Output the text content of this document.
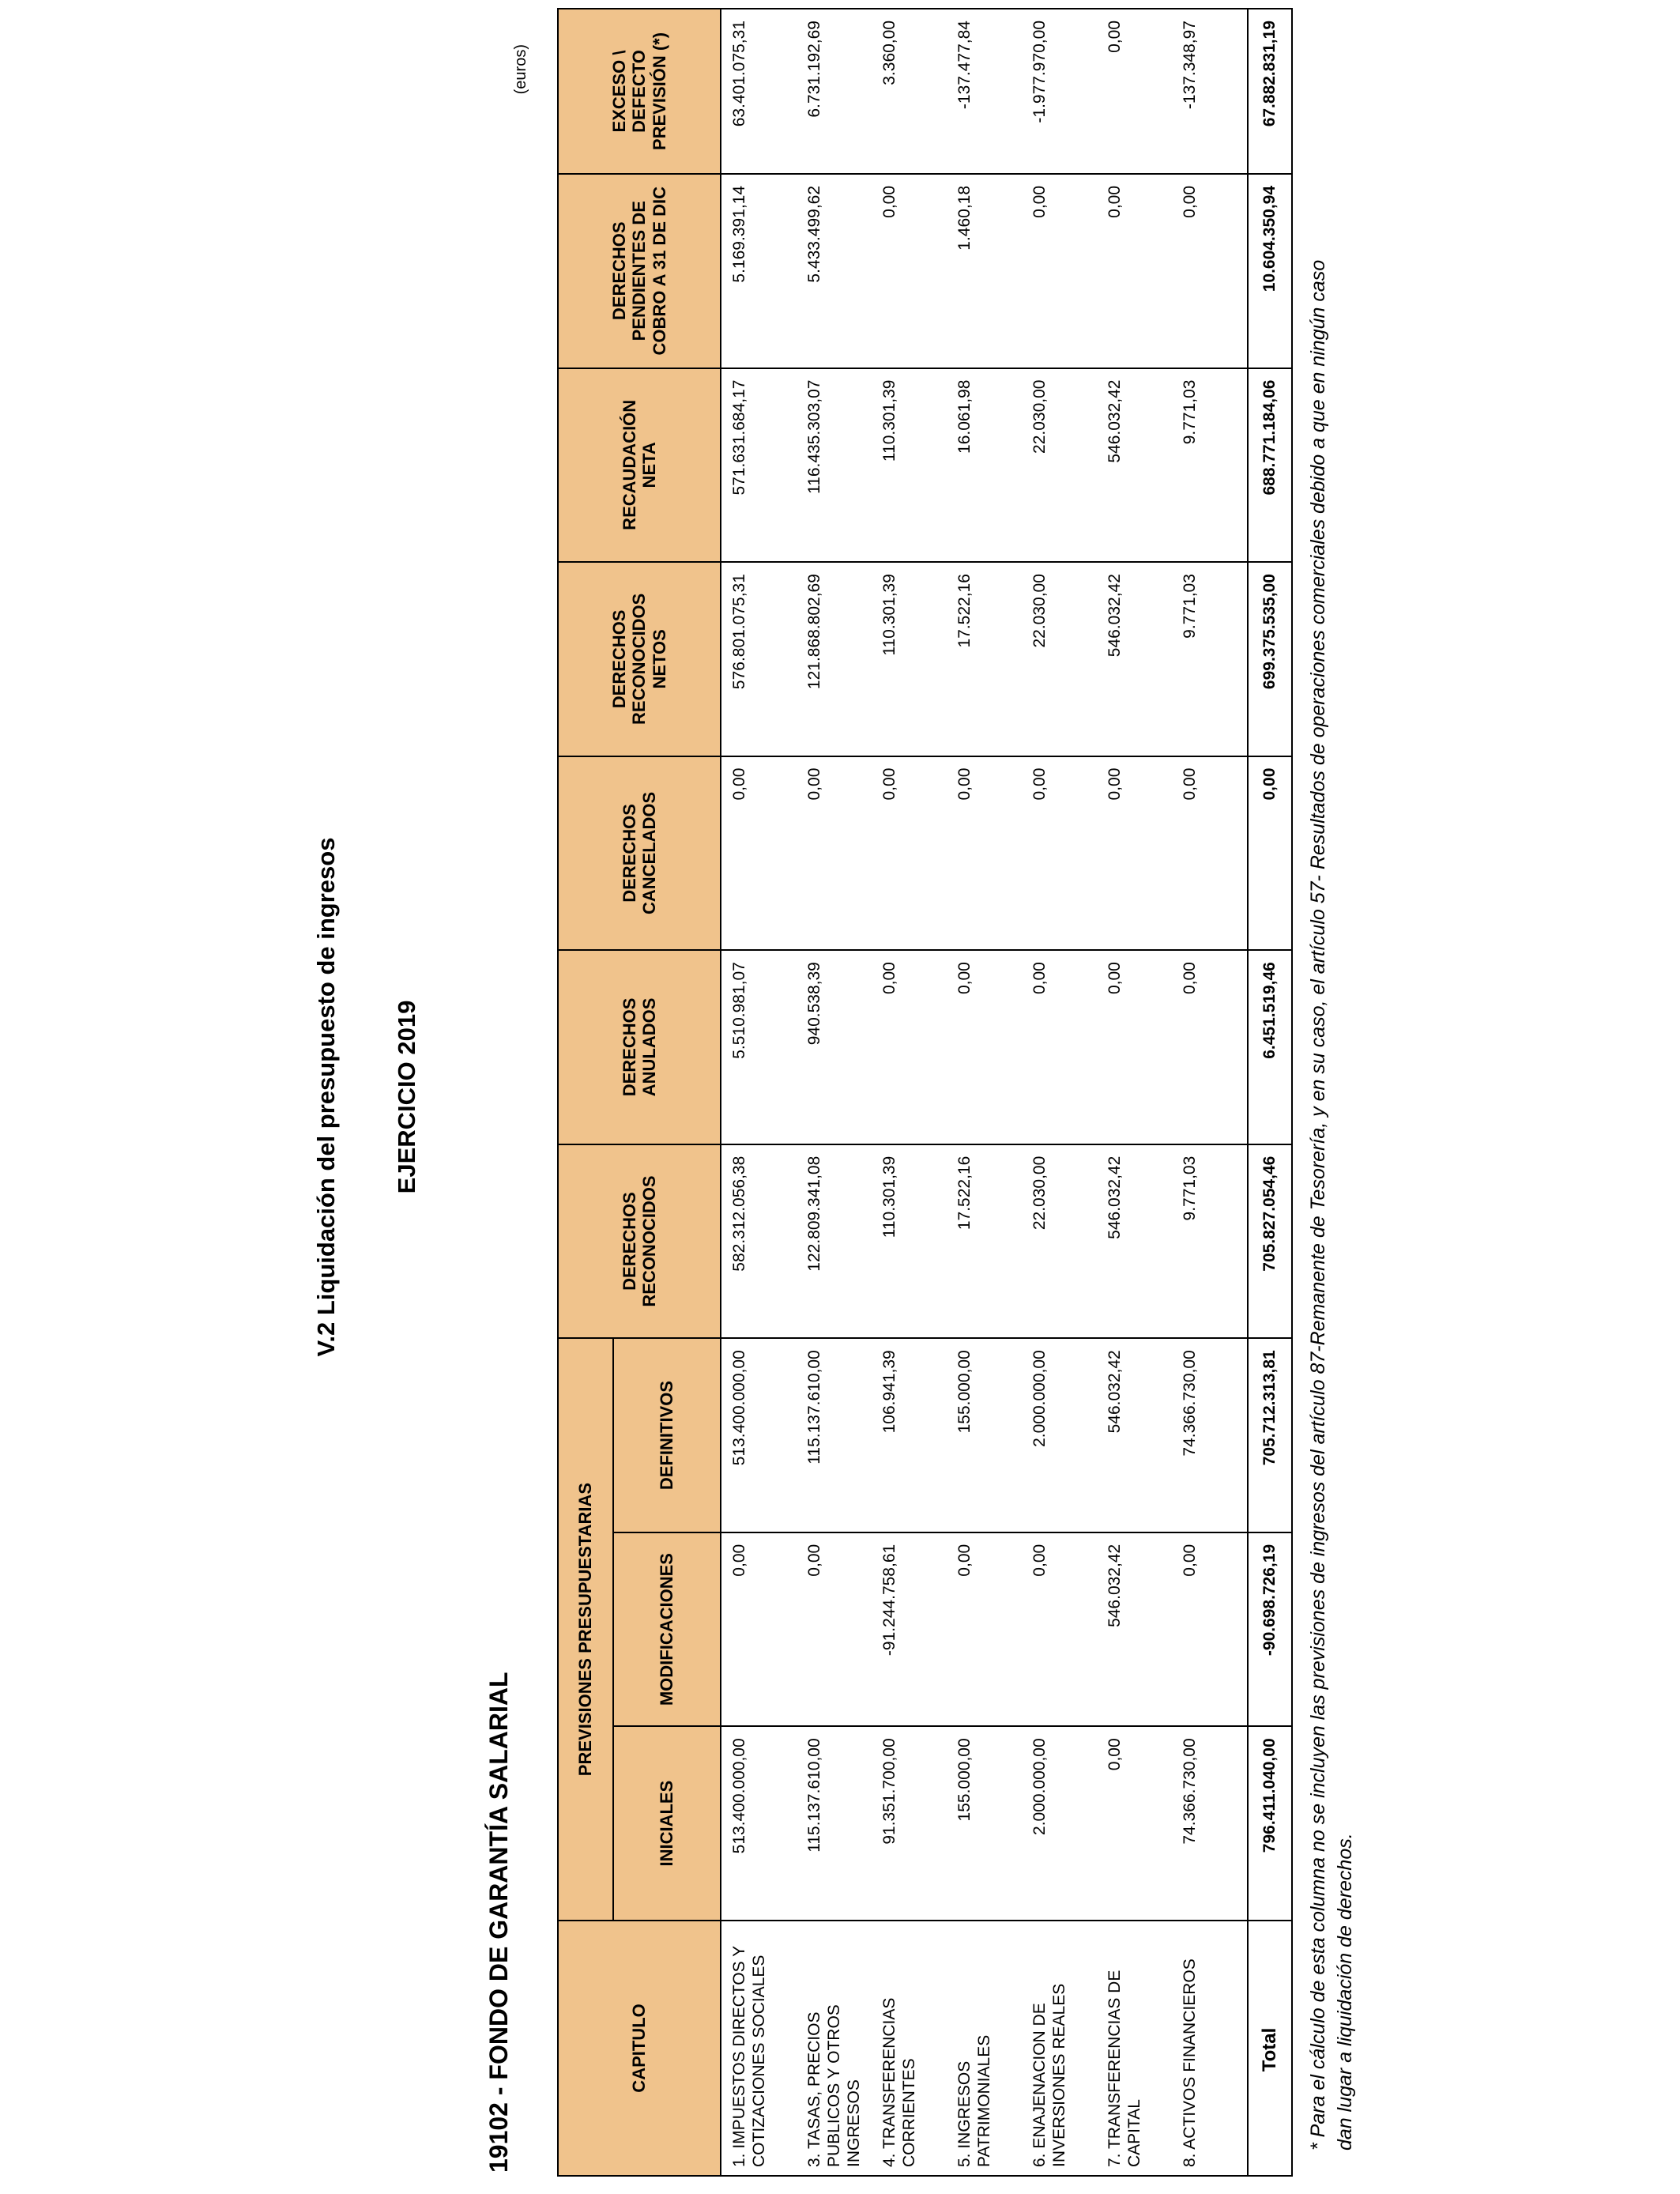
V.2 Liquidación del presupuesto de ingresos EJERCICIO 2019
19102 - FONDO DE GARANTÍA SALARIAL
(euros)
CAPITULO	PREVISIONES PRESUPUESTARIAS			DERECHOS RECONOCIDOS	DERECHOS ANULADOS	DERECHOS CANCELADOS	DERECHOS RECONOCIDOS NETOS	RECAUDACIÓN NETA	DERECHOS PENDIENTES DE COBRO A 31 DE DIC	EXCESO \ DEFECTO PREVISIÓN (*)
	INICIALES	MODIFICACIONES	DEFINITIVOS							
1. IMPUESTOS DIRECTOS Y COTIZACIONES SOCIALES	513.400.000,00	0,00	513.400.000,00	582.312.056,38	5.510.981,07	0,00	576.801.075,31	571.631.684,17	5.169.391,14	63.401.075,31
3. TASAS, PRECIOS PUBLICOS Y OTROS INGRESOS	115.137.610,00	0,00	115.137.610,00	122.809.341,08	940.538,39	0,00	121.868.802,69	116.435.303,07	5.433.499,62	6.731.192,69
4. TRANSFERENCIAS CORRIENTES	91.351.700,00	-91.244.758,61	106.941,39	110.301,39	0,00	0,00	110.301,39	110.301,39	0,00	3.360,00
5. INGRESOS PATRIMONIALES	155.000,00	0,00	155.000,00	17.522,16	0,00	0,00	17.522,16	16.061,98	1.460,18	-137.477,84
6. ENAJENACION DE INVERSIONES REALES	2.000.000,00	0,00	2.000.000,00	22.030,00	0,00	0,00	22.030,00	22.030,00	0,00	-1.977.970,00
7. TRANSFERENCIAS DE CAPITAL	0,00	546.032,42	546.032,42	546.032,42	0,00	0,00	546.032,42	546.032,42	0,00	0,00
8. ACTIVOS FINANCIEROS	74.366.730,00	0,00	74.366.730,00	9.771,03	0,00	0,00	9.771,03	9.771,03	0,00	-137.348,97
Total	796.411.040,00	-90.698.726,19	705.712.313,81	705.827.054,46	6.451.519,46	0,00	699.375.535,00	688.771.184,06	10.604.350,94	67.882.831,19
* Para el cálculo de esta columna no se incluyen las previsiones de ingresos del artículo 87-Remanente de Tesorería, y en su caso, el artículo 57- Resultados de operaciones comerciales debido a que en ningún caso dan lugar a liquidación de derechos.
